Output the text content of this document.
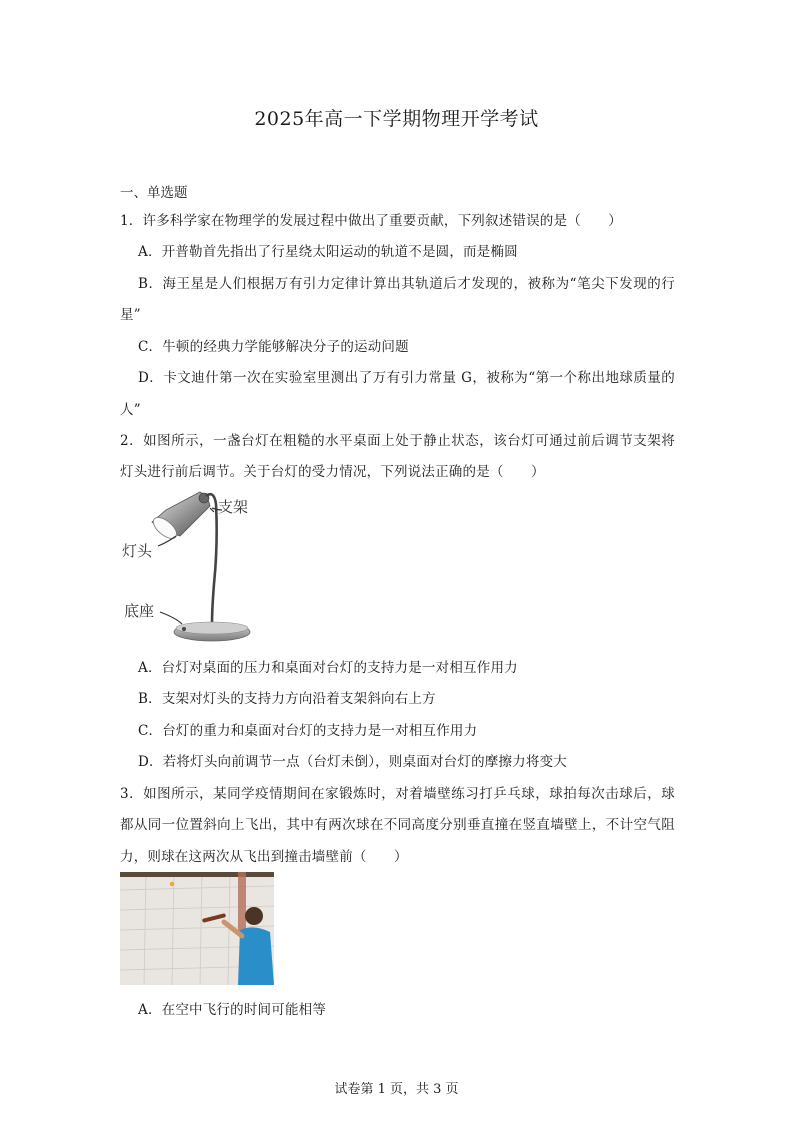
2025年高一下学期物理开学考试
一、单选题
1．许多科学家在物理学的发展过程中做出了重要贡献，下列叙述错误的是（　　）
A．开普勒首先指出了行星绕太阳运动的轨道不是圆，而是椭圆
B．海王星是人们根据万有引力定律计算出其轨道后才发现的，被称为“笔尖下发现的行
星”
C．牛顿的经典力学能够解决分子的运动问题
D．卡文迪什第一次在实验室里测出了万有引力常量 G，被称为“第一个称出地球质量的
人”
2．如图所示，一盏台灯在粗糙的水平桌面上处于静止状态，该台灯可通过前后调节支架将
灯头进行前后调节。关于台灯的受力情况，下列说法正确的是（　　）
支架
灯头
底座
A．台灯对桌面的压力和桌面对台灯的支持力是一对相互作用力
B．支架对灯头的支持力方向沿着支架斜向右上方
C．台灯的重力和桌面对台灯的支持力是一对相互作用力
D．若将灯头向前调节一点（台灯未倒），则桌面对台灯的摩擦力将变大
3．如图所示，某同学疫情期间在家锻炼时，对着墙壁练习打乒乓球，球拍每次击球后，球
都从同一位置斜向上飞出，其中有两次球在不同高度分别垂直撞在竖直墙壁上，不计空气阻
力，则球在这两次从飞出到撞击墙壁前（　　）
A．在空中飞行的时间可能相等
试卷第 1 页，共 3 页
